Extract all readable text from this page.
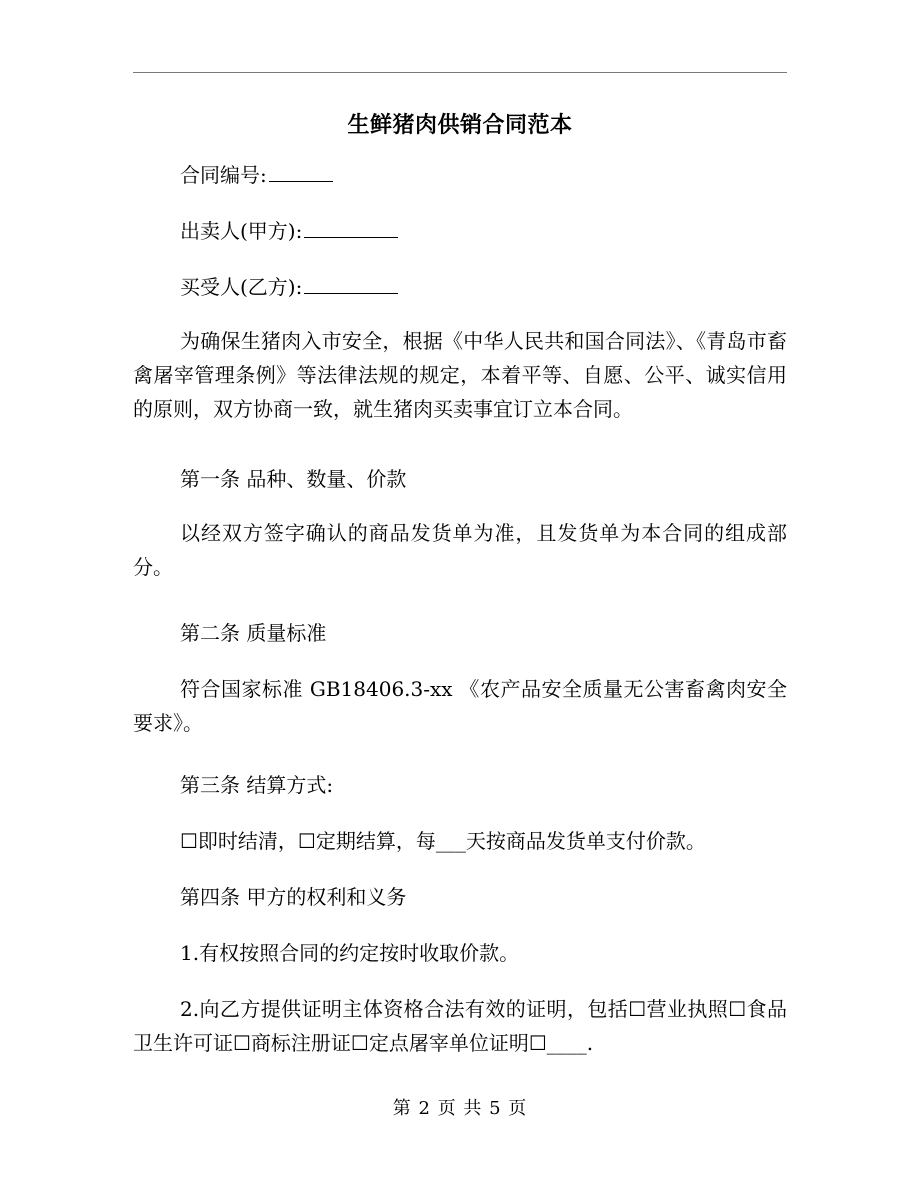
生鲜猪肉供销合同范本
合同编号:
出卖人(甲方):
买受人(乙方):
为确保生猪肉入市安全，根据《中华人民共和国合同法》、《青岛市畜禽屠宰管理条例》等法律法规的规定，本着平等、自愿、公平、诚实信用的原则，双方协商一致，就生猪肉买卖事宜订立本合同。
第一条 品种、数量、价款
以经双方签字确认的商品发货单为准，且发货单为本合同的组成部分。
第二条 质量标准
符合国家标准 GB18406.3-xx 《农产品安全质量无公害畜禽肉安全要求》。
第三条 结算方式:
☐即时结清，☐定期结算，每___天按商品发货单支付价款。
第四条 甲方的权利和义务
1.有权按照合同的约定按时收取价款。
2.向乙方提供证明主体资格合法有效的证明，包括☐营业执照☐食品卫生许可证☐商标注册证☐定点屠宰单位证明☐____.
第 2 页 共 5 页
